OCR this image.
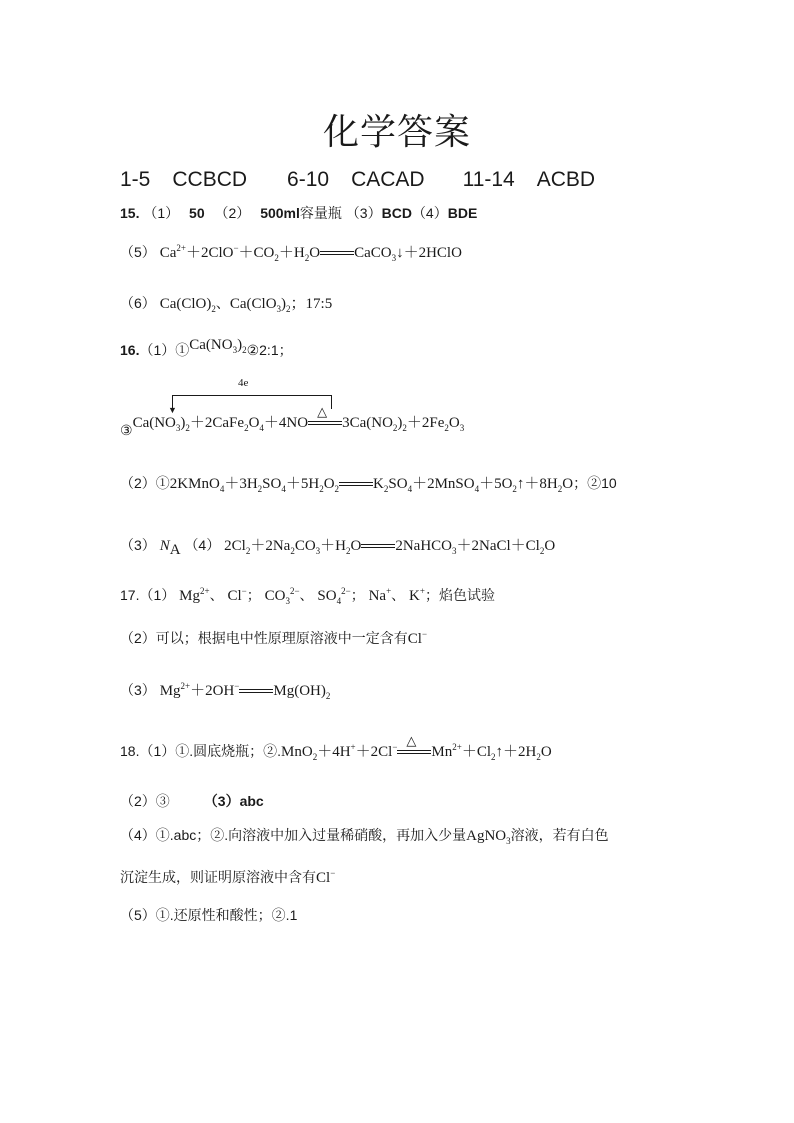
化学答案
1-5 CCBCD 6-10 CACAD 11-14 ACBD
15. （1） 50 （2） 500ml容量瓶 （3）BCD（4）BDE
（5） $Ca^{2+}+2ClO^-+CO_2+H_2O$ CaCO$_3$↓＋2HClO
（6） $Ca(ClO)_2$、$Ca(ClO_3)_2$；17:5
$16.(1)①Ca(NO_3)_2②2:1$；
4e
▼
$③Ca(NO_3)_2+2CaFe_2O_4+4NO$
△
$3Ca(NO_2)_2+2Fe_2O_3$
$(2)①2KMnO_4+3H_2SO_4+5H_2O_2$ $K_2SO_4+2MnSO_4+5O_2↑+8H_2O$；②10
（3） $N_A$ （4） $2Cl_2+2Na_2CO_3+H_2O$ $2NaHCO_3+2NaCl+Cl_2O$
17.（1） $Mg^{2+}$、 Cl−； $CO_3^{2-}$、 $SO_4^{2-}$； Na+、 K+；焰色试验
（2）可以；根据电中性原理原溶液中一定含有Cl−
（3） $Mg^{2+}+2OH^-$ $Mg(OH)_2$
18.（1）①.圆底烧瓶；②.MnO$_2$＋4H+＋2Cl− △
$Mn^{2+}+Cl_2↑+2H_2O$
（2）③ （3）abc
（4）①.abc；②.向溶液中加入过量稀硝酸，再加入少量AgNO$_3$溶液，若有白色
沉淀生成，则证明原溶液中含有Cl−
（5）①.还原性和酸性；②.1
